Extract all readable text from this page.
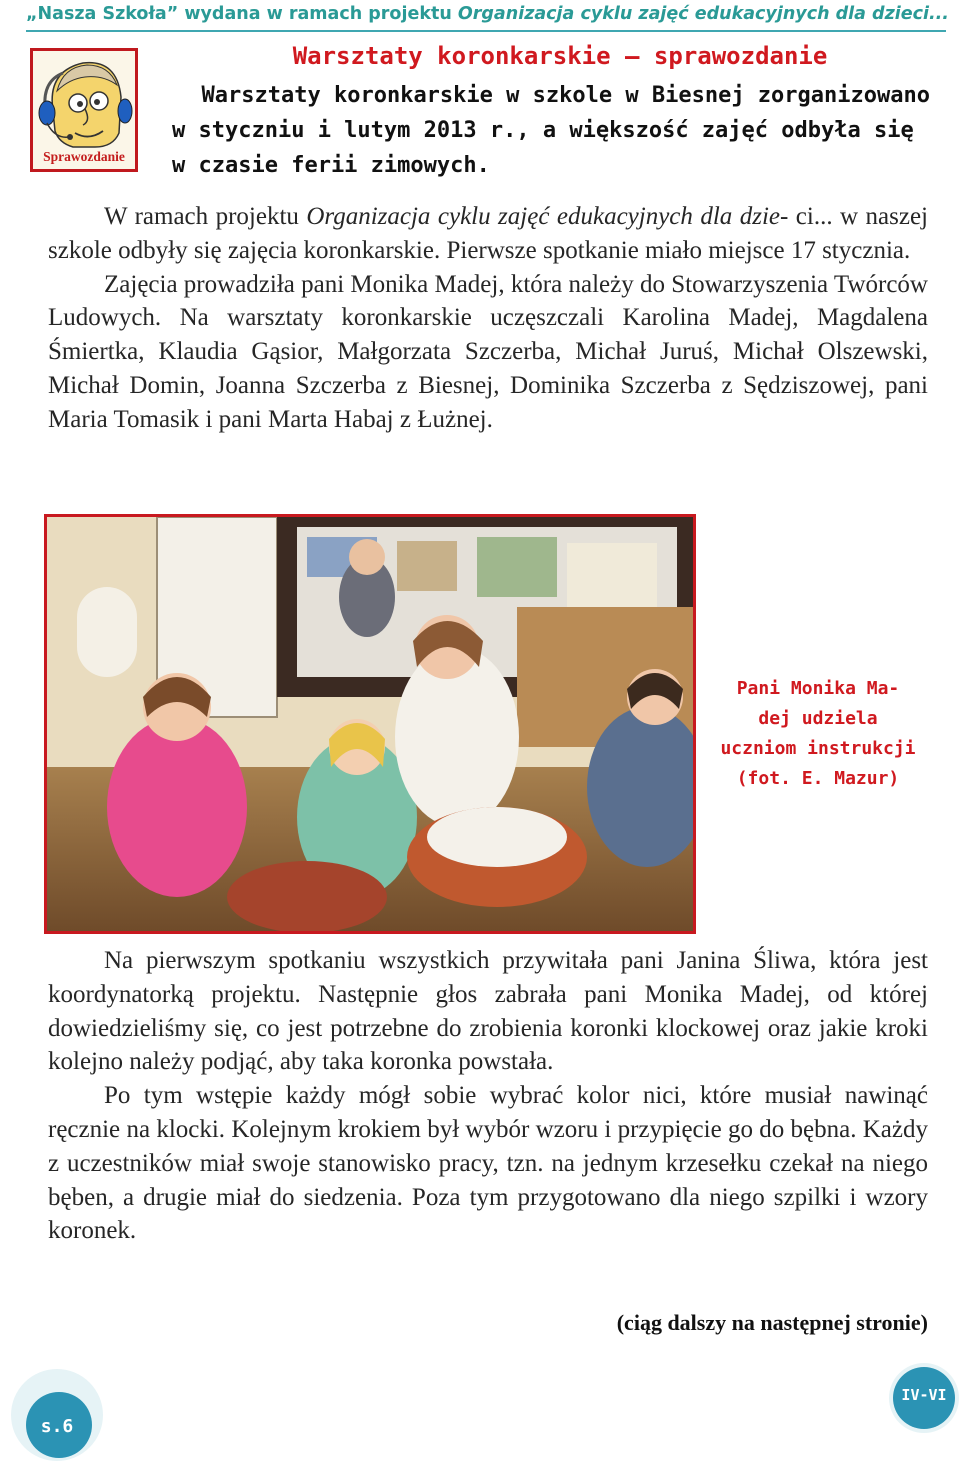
„Nasza Szkoła” wydana w ramach projektu Organizacja cyklu zajęć edukacyjnych dla dzieci...
Sprawozdanie
Warsztaty koronkarskie – sprawozdanie
Warsztaty koronkarskie w szkole w Biesnej zorganizowano
w styczniu i lutym 2013 r., a większość zajęć odbyła się
w czasie ferii zimowych.

W ramach projektu Organizacja cyklu zajęć edukacyjnych dla dzie- ci... w naszej szkole odbyły się zajęcia koronkarskie. Pierwsze spotkanie miało miejsce 17 stycznia.

Zajęcia prowadziła pani Monika Madej, która należy do Stowarzyszenia Twórców Ludowych. Na warsztaty koronkarskie uczęszczali Karolina Madej, Magdalena Śmiertka, Klaudia Gąsior, Małgorzata Szczerba, Michał Juruś, Michał Olszewski, Michał Domin, Joanna Szczerba z Biesnej, Dominika Szczerba z Sędziszowej, pani Maria Tomasik i pani Marta Habaj z Łużnej.

Pani Monika Ma-
dej udziela
uczniom instrukcji
(fot. E. Mazur)

Na pierwszym spotkaniu wszystkich przywitała pani Janina Śliwa, która jest koordynatorką projektu. Następnie głos zabrała pani Monika Madej, od której dowiedzieliśmy się, co jest potrzebne do zrobienia koronki klockowej oraz jakie kroki kolejno należy podjąć, aby taka koronka powstała.

Po tym wstępie każdy mógł sobie wybrać kolor nici, które musiał nawinąć ręcznie na klocki. Kolejnym krokiem był wybór wzoru i przypięcie go do bębna. Każdy z uczestników miał swoje stanowisko pracy, tzn. na jednym krzesełku czekał na niego bęben, a drugie miał do siedzenia. Poza tym przygotowano dla niego szpilki i wzory koronek.

(ciąg dalszy na następnej stronie)
s.6
IV-VI
